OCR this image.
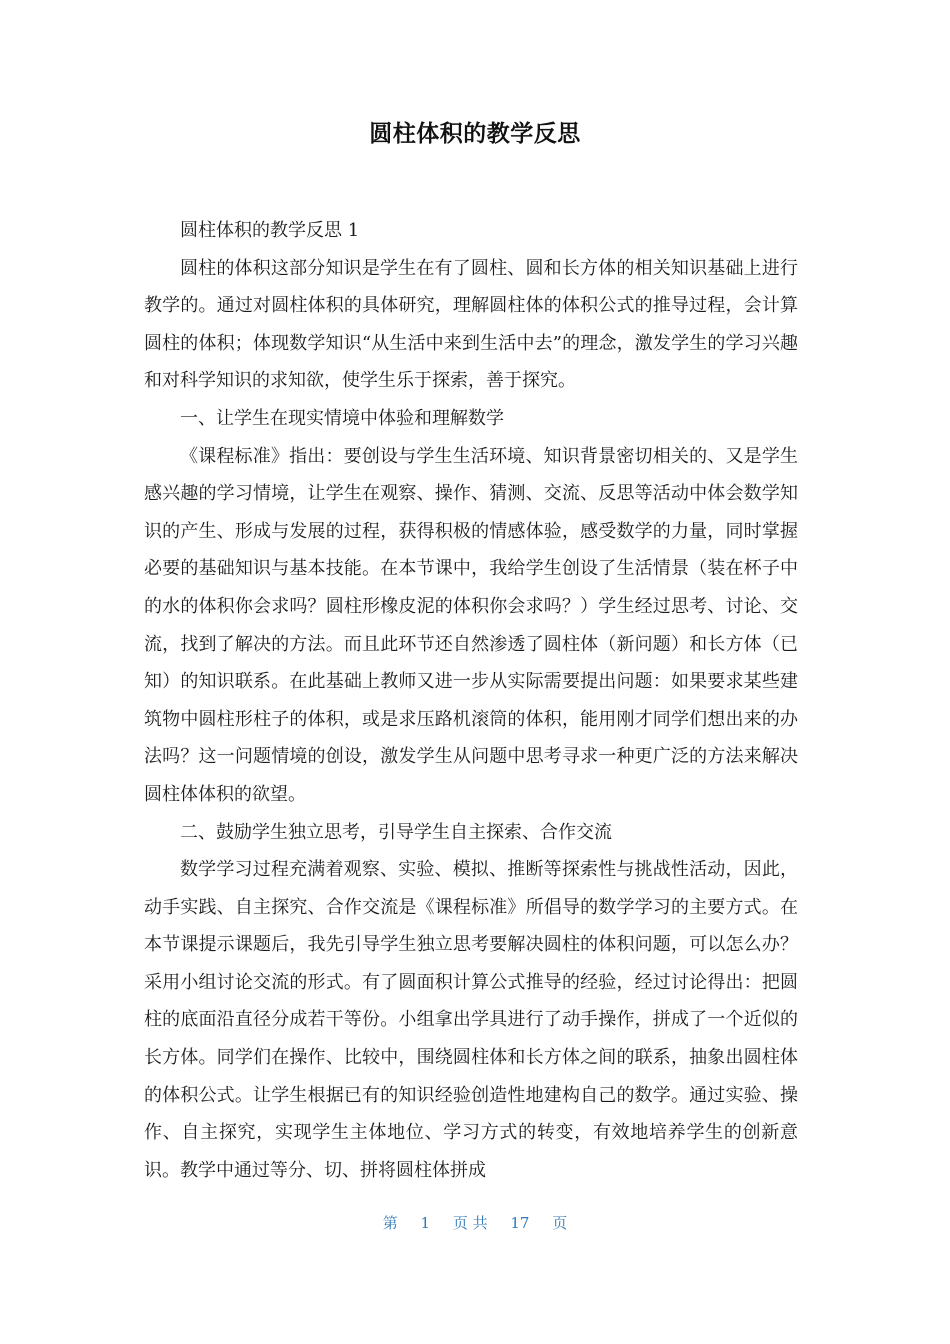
圆柱体积的教学反思

圆柱体积的教学反思 1

圆柱的体积这部分知识是学生在有了圆柱、圆和长方体的相关知识基础上进行教学的。通过对圆柱体积的具体研究，理解圆柱体的体积公式的推导过程，会计算圆柱的体积；体现数学知识“从生活中来到生活中去”的理念，激发学生的学习兴趣和对科学知识的求知欲，使学生乐于探索，善于探究。

一、让学生在现实情境中体验和理解数学

《课程标准》指出：要创设与学生生活环境、知识背景密切相关的、又是学生感兴趣的学习情境，让学生在观察、操作、猜测、交流、反思等活动中体会数学知识的产生、形成与发展的过程，获得积极的情感体验，感受数学的力量，同时掌握必要的基础知识与基本技能。在本节课中，我给学生创设了生活情景（装在杯子中的水的体积你会求吗？圆柱形橡皮泥的体积你会求吗？）学生经过思考、讨论、交流，找到了解决的方法。而且此环节还自然渗透了圆柱体（新问题）和长方体（已知）的知识联系。在此基础上教师又进一步从实际需要提出问题：如果要求某些建筑物中圆柱形柱子的体积，或是求压路机滚筒的体积，能用刚才同学们想出来的办法吗？这一问题情境的创设，激发学生从问题中思考寻求一种更广泛的方法来解决圆柱体体积的欲望。

二、鼓励学生独立思考，引导学生自主探索、合作交流

数学学习过程充满着观察、实验、模拟、推断等探索性与挑战性活动，因此，动手实践、自主探究、合作交流是《课程标准》所倡导的数学学习的主要方式。在本节课提示课题后，我先引导学生独立思考要解决圆柱的体积问题，可以怎么办？采用小组讨论交流的形式。有了圆面积计算公式推导的经验，经过讨论得出：把圆柱的底面沿直径分成若干等份。小组拿出学具进行了动手操作，拼成了一个近似的长方体。同学们在操作、比较中，围绕圆柱体和长方体之间的联系，抽象出圆柱体的体积公式。让学生根据已有的知识经验创造性地建构自己的数学。通过实验、操作、自主探究，实现学生主体地位、学习方式的转变，有效地培养学生的创新意识。教学中通过等分、切、拼将圆柱体拼成

第 1 页 共 17 页
